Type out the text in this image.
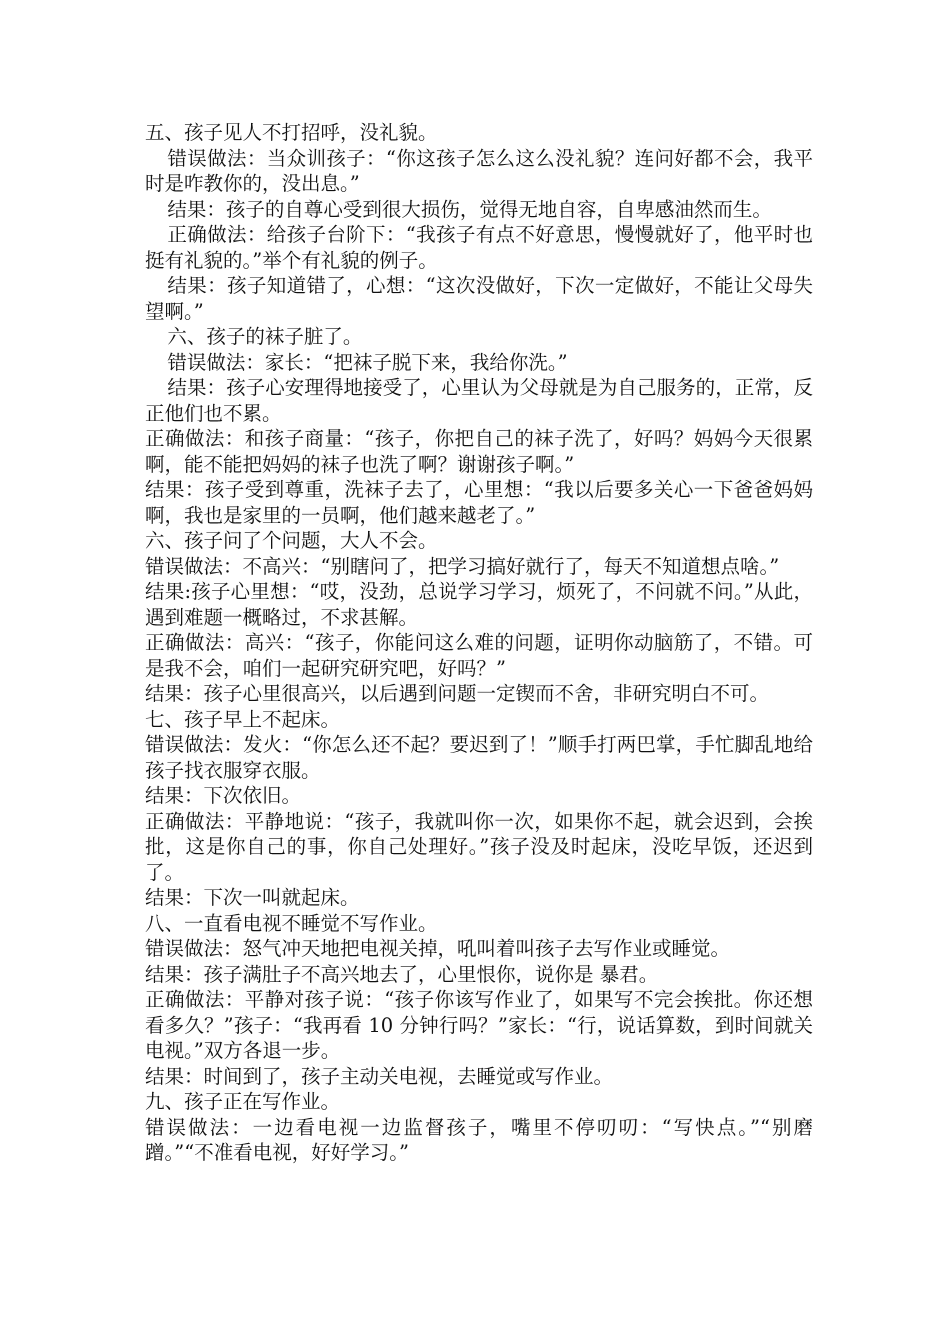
五、孩子见人不打招呼，没礼貌。

错误做法：当众训孩子：“你这孩子怎么这么没礼貌？连问好都不会，我平时是咋教你的，没出息。”

结果：孩子的自尊心受到很大损伤，觉得无地自容，自卑感油然而生。

正确做法：给孩子台阶下：“我孩子有点不好意思，慢慢就好了，他平时也挺有礼貌的。”举个有礼貌的例子。

结果：孩子知道错了，心想：“这次没做好，下次一定做好，不能让父母失望啊。”

六、孩子的袜子脏了。

错误做法：家长：“把袜子脱下来，我给你洗。”

结果：孩子心安理得地接受了，心里认为父母就是为自己服务的，正常，反正他们也不累。

正确做法：和孩子商量：“孩子，你把自己的袜子洗了，好吗？妈妈今天很累啊，能不能把妈妈的袜子也洗了啊？谢谢孩子啊。”

结果：孩子受到尊重，洗袜子去了，心里想：“我以后要多关心一下爸爸妈妈啊，我也是家里的一员啊，他们越来越老了。”

六、孩子问了个问题，大人不会。

错误做法：不高兴：“别瞎问了，把学习搞好就行了，每天不知道想点啥。”

结果:孩子心里想：“哎，没劲，总说学习学习，烦死了，不问就不问。”从此，遇到难题一概略过，不求甚解。

正确做法：高兴：“孩子，你能问这么难的问题，证明你动脑筋了，不错。可是我不会，咱们一起研究研究吧，好吗？”

结果：孩子心里很高兴，以后遇到问题一定锲而不舍，非研究明白不可。

七、孩子早上不起床。

错误做法：发火：“你怎么还不起？要迟到了！”顺手打两巴掌，手忙脚乱地给孩子找衣服穿衣服。

结果：下次依旧。

正确做法：平静地说：“孩子，我就叫你一次，如果你不起，就会迟到，会挨批，这是你自己的事，你自己处理好。”孩子没及时起床，没吃早饭，还迟到了。

结果：下次一叫就起床。

八、一直看电视不睡觉不写作业。

错误做法：怒气冲天地把电视关掉，吼叫着叫孩子去写作业或睡觉。

结果：孩子满肚子不高兴地去了，心里恨你，说你是 暴君。

正确做法：平静对孩子说：“孩子你该写作业了，如果写不完会挨批。你还想看多久？”孩子：“我再看 10 分钟行吗？”家长：“行，说话算数，到时间就关电视。”双方各退一步。

结果：时间到了，孩子主动关电视，去睡觉或写作业。

九、孩子正在写作业。

错误做法：一边看电视一边监督孩子，嘴里不停叨叨：“写快点。”“别磨蹭。”“不准看电视，好好学习。”
